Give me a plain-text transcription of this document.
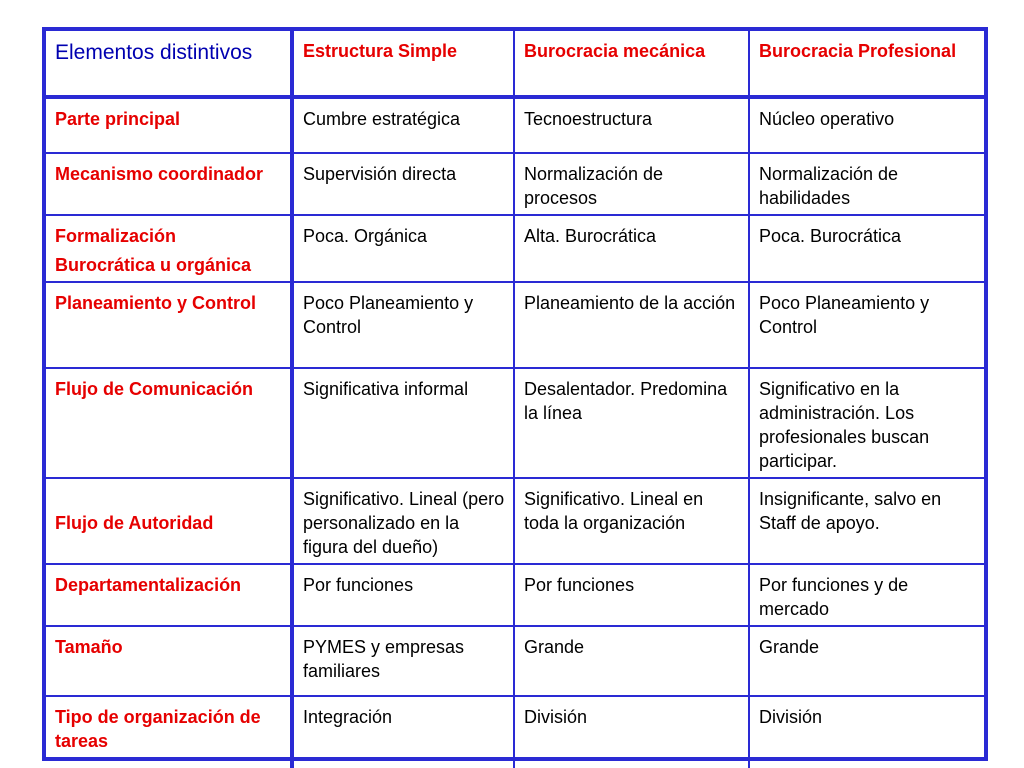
Elementos distintivos	Estructura Simple	Burocracia mecánica	Burocracia Profesional
Parte principal	Cumbre estratégica	Tecnoestructura	Núcleo operativo
Mecanismo coordinador	Supervisión directa	Normalización de procesos	Normalización de habilidades

Formalización
Burocrática u orgánica	Poca. Orgánica	Alta. Burocrática	Poca. Burocrática
Planeamiento y Control	Poco Planeamiento y Control	Planeamiento de la acción	Poco Planeamiento y Control
Flujo de Comunicación	Significativa informal	Desalentador. Predomina la línea	Significativo en la administración. Los profesionales buscan participar.
Flujo de Autoridad	Significativo. Lineal (pero personalizado en la figura del dueño)	Significativo. Lineal en toda la organización	Insignificante, salvo en Staff de apoyo.
Departamentalización	Por funciones	Por funciones	Por funciones y de mercado
Tamaño	PYMES y empresas familiares	Grande	Grande
Tipo de organización de tareas	Integración	División	División
